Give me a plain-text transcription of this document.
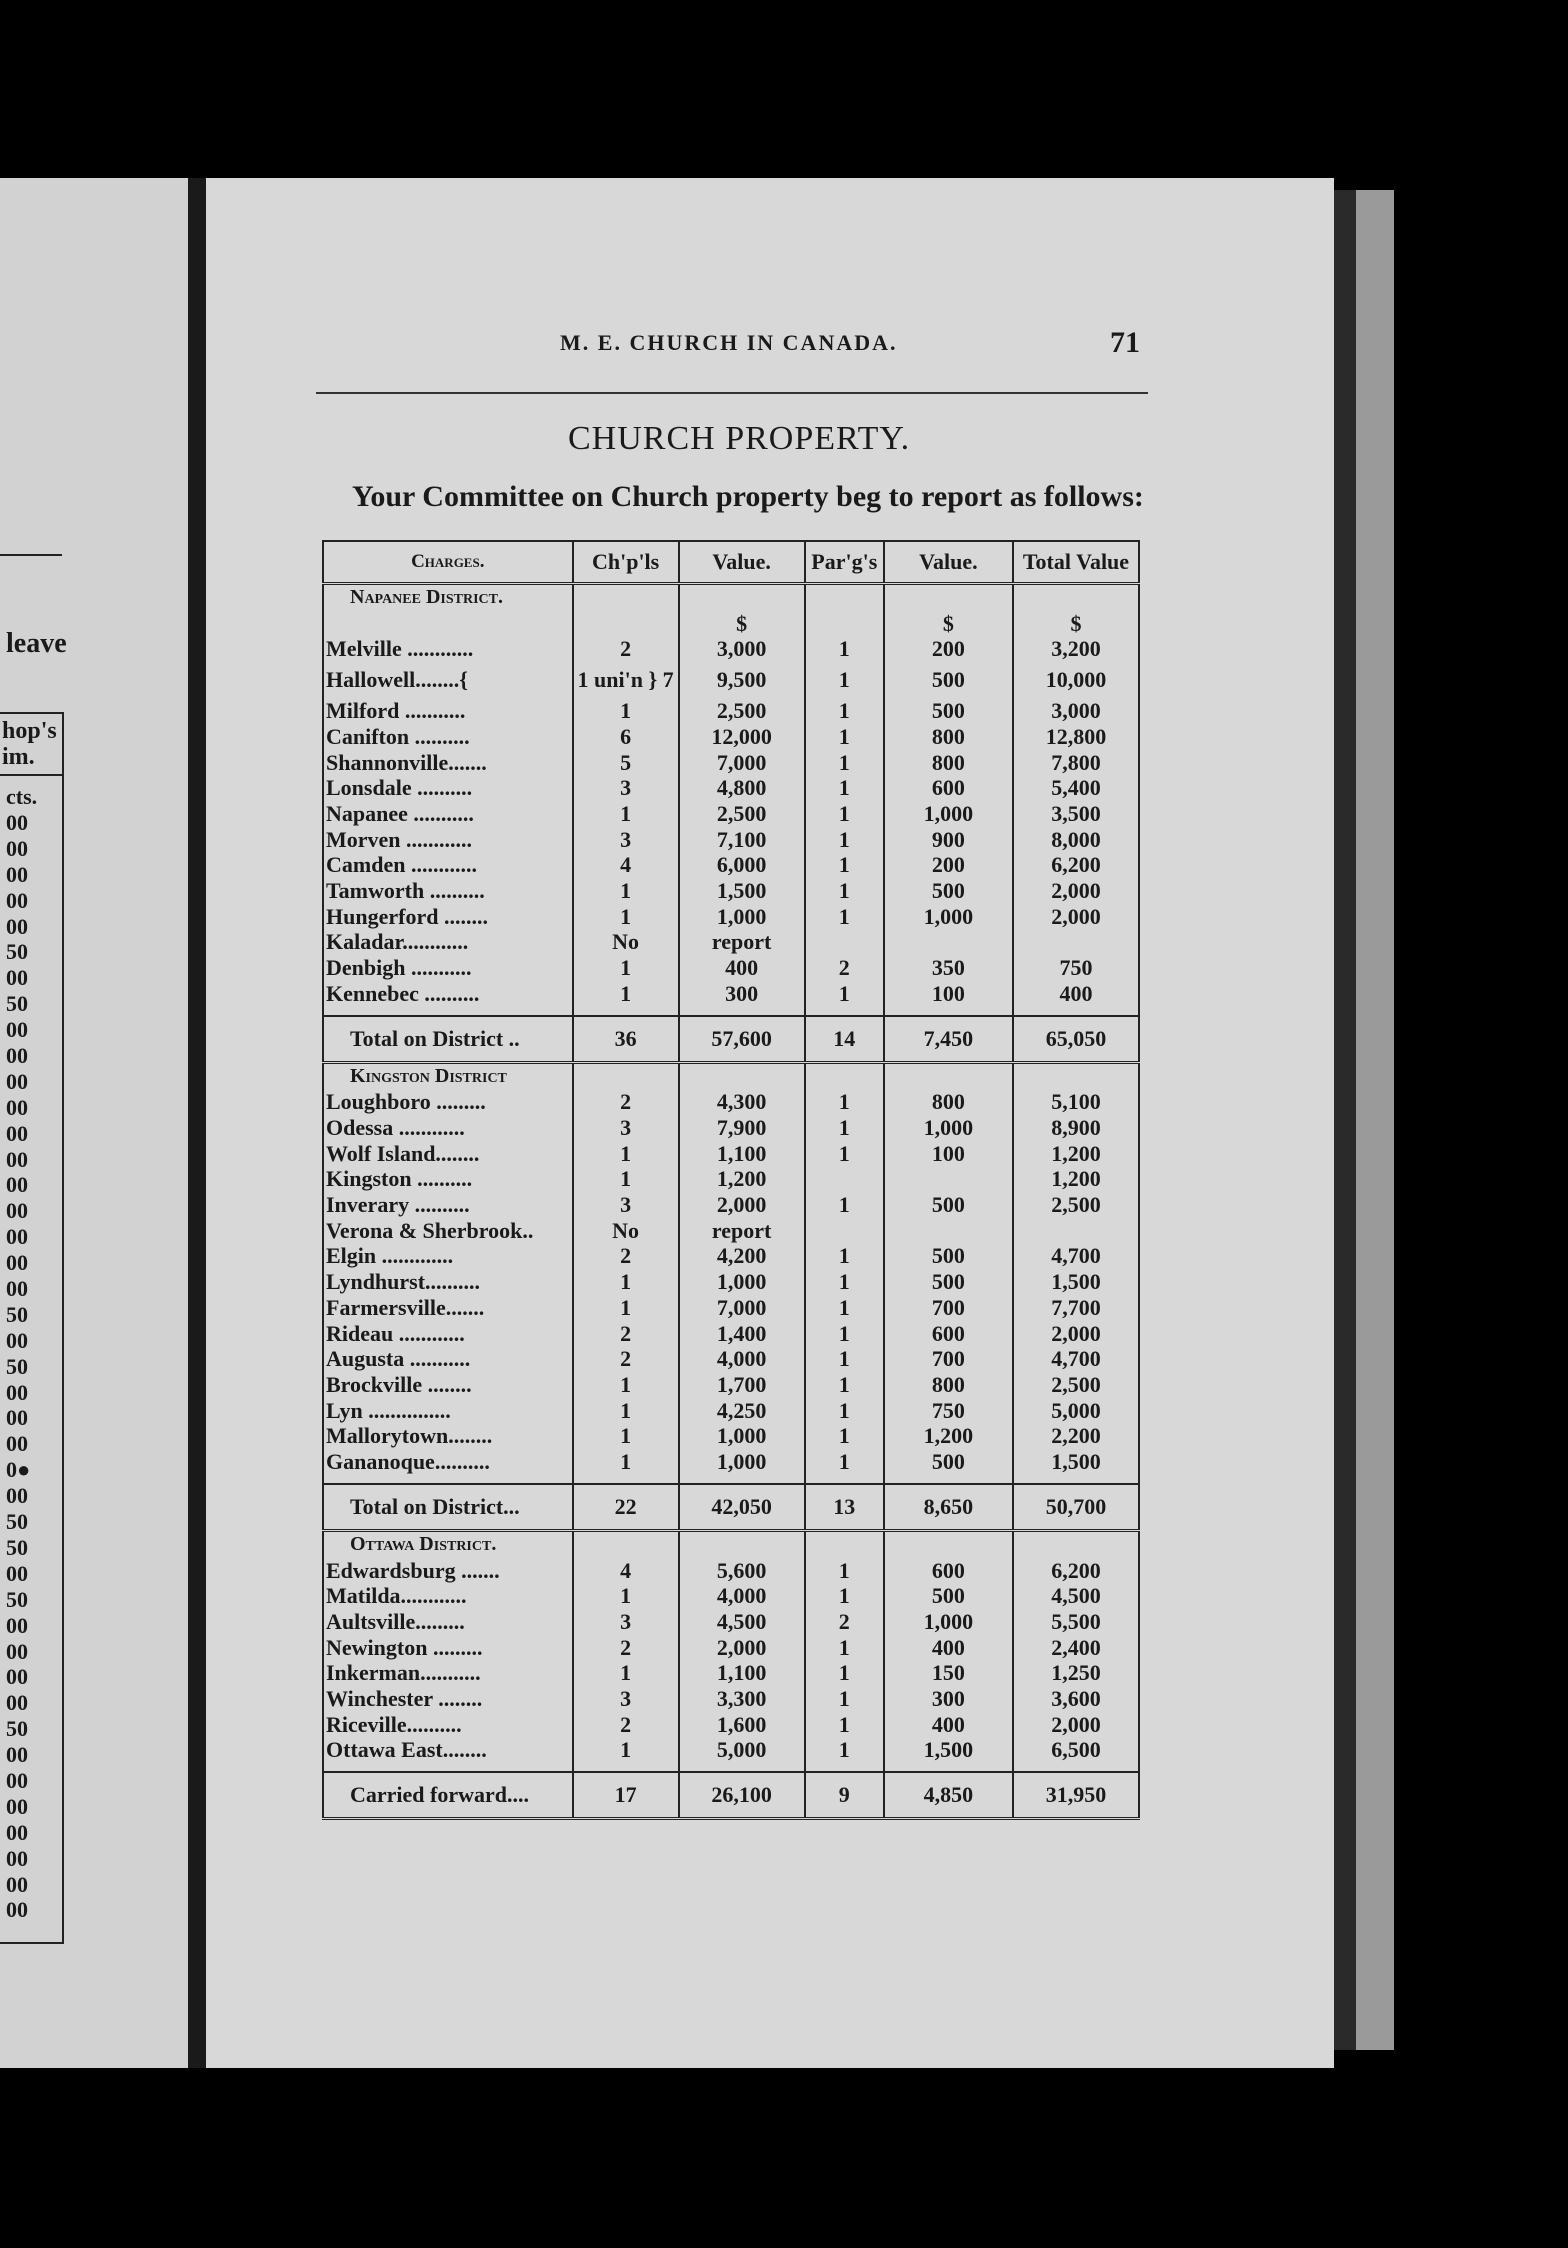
leave
hop's
im.
cts.
00
00
00
00
00
50
00
50
00
00
00
00
00
00
00
00
00
00
00
50
00
50
00
00
00
0●
00
50
50
00
50
00
00
00
00
50
00
00
00
00
00
00
00
M. E. CHURCH IN CANADA.	71
CHURCH PROPERTY.
Your Committee on Church property beg to report as follows:
Charges.	Ch'p'ls	Value.	Par'g's	Value.	Total Value
Napanee District.					
		$		$	$
Melville ............	2	3,000	1	200	3,200
Hallowell........{	1 uni'n } 7	9,500	1	500	10,000
Milford ...........	1	2,500	1	500	3,000
Canifton ..........	6	12,000	1	800	12,800
Shannonville.......	5	7,000	1	800	7,800
Lonsdale ..........	3	4,800	1	600	5,400
Napanee ...........	1	2,500	1	1,000	3,500
Morven ............	3	7,100	1	900	8,000
Camden ............	4	6,000	1	200	6,200
Tamworth ..........	1	1,500	1	500	2,000
Hungerford ........	1	1,000	1	1,000	2,000
Kaladar............	No	report			
Denbigh ...........	1	400	2	350	750
Kennebec ..........	1	300	1	100	400

Total on District ..	36	57,600	14	7,450	65,050
Kingston District					
Loughboro .........	2	4,300	1	800	5,100
Odessa ............	3	7,900	1	1,000	8,900
Wolf Island........	1	1,100	1	100	1,200
Kingston ..........	1	1,200			1,200
Inverary ..........	3	2,000	1	500	2,500
Verona & Sherbrook..	No	report			
Elgin .............	2	4,200	1	500	4,700
Lyndhurst..........	1	1,000	1	500	1,500
Farmersville.......	1	7,000	1	700	7,700
Rideau ............	2	1,400	1	600	2,000
Augusta ...........	2	4,000	1	700	4,700
Brockville ........	1	1,700	1	800	2,500
Lyn ...............	1	4,250	1	750	5,000
Mallorytown........	1	1,000	1	1,200	2,200
Gananoque..........	1	1,000	1	500	1,500

Total on District...	22	42,050	13	8,650	50,700
Ottawa District.					
Edwardsburg .......	4	5,600	1	600	6,200
Matilda............	1	4,000	1	500	4,500
Aultsville.........	3	4,500	2	1,000	5,500
Newington .........	2	2,000	1	400	2,400
Inkerman...........	1	1,100	1	150	1,250
Winchester ........	3	3,300	1	300	3,600
Riceville..........	2	1,600	1	400	2,000
Ottawa East........	1	5,000	1	1,500	6,500

Carried forward....	17	26,100	9	4,850	31,950
